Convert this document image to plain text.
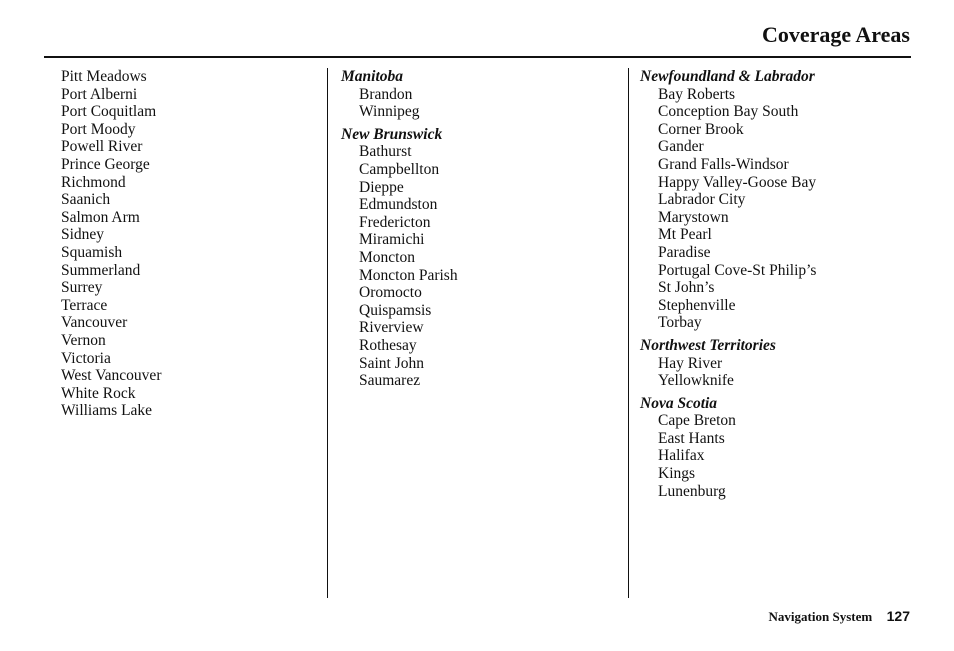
Coverage Areas
Pitt Meadows
Port Alberni
Port Coquitlam
Port Moody
Powell River
Prince George
Richmond
Saanich
Salmon Arm
Sidney
Squamish
Summerland
Surrey
Terrace
Vancouver
Vernon
Victoria
West Vancouver
White Rock
Williams Lake
Manitoba
Brandon
Winnipeg
New Brunswick
Bathurst
Campbellton
Dieppe
Edmundston
Fredericton
Miramichi
Moncton
Moncton Parish
Oromocto
Quispamsis
Riverview
Rothesay
Saint John
Saumarez
Newfoundland & Labrador
Bay Roberts
Conception Bay South
Corner Brook
Gander
Grand Falls-Windsor
Happy Valley-Goose Bay
Labrador City
Marystown
Mt Pearl
Paradise
Portugal Cove-St Philip’s
St John’s
Stephenville
Torbay
Northwest Territories
Hay River
Yellowknife
Nova Scotia
Cape Breton
East Hants
Halifax
Kings
Lunenburg
Navigation System 127
